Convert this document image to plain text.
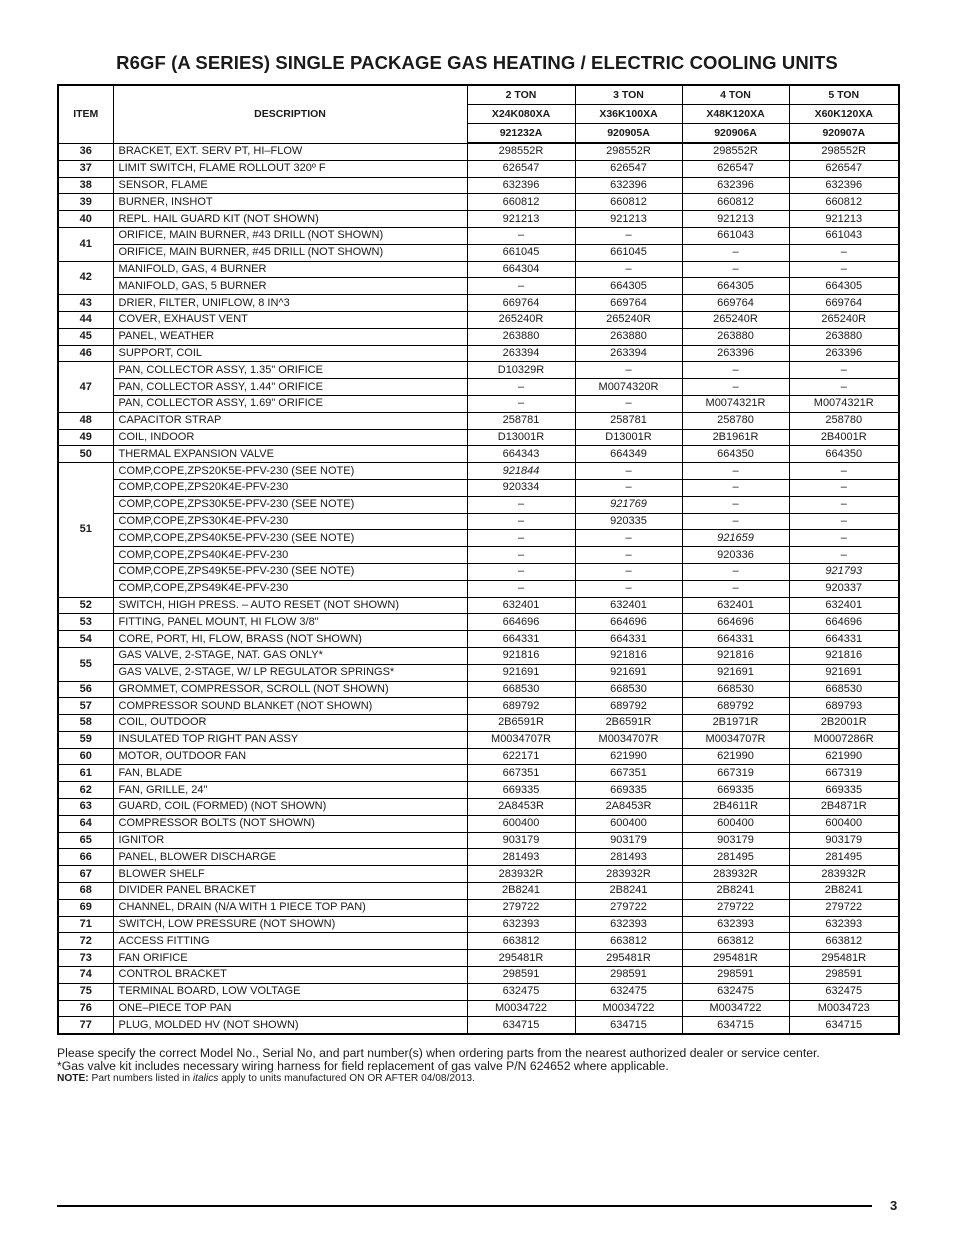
R6GF (A SERIES) SINGLE PACKAGE GAS HEATING / ELECTRIC COOLING UNITS
ITEM	DESCRIPTION	2 TON	3 TON	4 TON	5 TON
		X24K080XA	X36K100XA	X48K120XA	X60K120XA
		921232A	920905A	920906A	920907A
36	BRACKET, EXT. SERV PT, HI–FLOW	298552R	298552R	298552R	298552R
37	LIMIT SWITCH, FLAME ROLLOUT 320º F	626547	626547	626547	626547
38	SENSOR, FLAME	632396	632396	632396	632396
39	BURNER, INSHOT	660812	660812	660812	660812
40	REPL. HAIL GUARD KIT (NOT SHOWN)	921213	921213	921213	921213
41	ORIFICE, MAIN BURNER, #43 DRILL (NOT SHOWN)	–	–	661043	661043
	ORIFICE, MAIN BURNER, #45 DRILL (NOT SHOWN)	661045	661045	–	–
42	MANIFOLD, GAS, 4 BURNER	664304	–	–	–
	MANIFOLD, GAS, 5 BURNER	–	664305	664305	664305
43	DRIER, FILTER, UNIFLOW, 8 IN^3	669764	669764	669764	669764
44	COVER, EXHAUST VENT	265240R	265240R	265240R	265240R
45	PANEL, WEATHER	263880	263880	263880	263880
46	SUPPORT, COIL	263394	263394	263396	263396
47	PAN, COLLECTOR ASSY, 1.35" ORIFICE	D10329R	–	–	–
	PAN, COLLECTOR ASSY, 1.44" ORIFICE	–	M0074320R	–	–
	PAN, COLLECTOR ASSY, 1.69" ORIFICE	–	–	M0074321R	M0074321R
48	CAPACITOR STRAP	258781	258781	258780	258780
49	COIL, INDOOR	D13001R	D13001R	2B1961R	2B4001R
50	THERMAL EXPANSION VALVE	664343	664349	664350	664350
51	COMP,COPE,ZPS20K5E-PFV-230 (SEE NOTE)	921844	–	–	–
	COMP,COPE,ZPS20K4E-PFV-230	920334	–	–	–
	COMP,COPE,ZPS30K5E-PFV-230 (SEE NOTE)	–	921769	–	–
	COMP,COPE,ZPS30K4E-PFV-230	–	920335	–	–
	COMP,COPE,ZPS40K5E-PFV-230 (SEE NOTE)	–	–	921659	–
	COMP,COPE,ZPS40K4E-PFV-230	–	–	920336	–
	COMP,COPE,ZPS49K5E-PFV-230 (SEE NOTE)	–	–	–	921793
	COMP,COPE,ZPS49K4E-PFV-230	–	–	–	920337
52	SWITCH, HIGH PRESS. – AUTO RESET (NOT SHOWN)	632401	632401	632401	632401
53	FITTING, PANEL MOUNT, HI FLOW 3/8"	664696	664696	664696	664696
54	CORE, PORT, HI, FLOW, BRASS (NOT SHOWN)	664331	664331	664331	664331
55	GAS VALVE, 2-STAGE, NAT. GAS ONLY*	921816	921816	921816	921816
	GAS VALVE, 2-STAGE, W/ LP REGULATOR SPRINGS*	921691	921691	921691	921691
56	GROMMET, COMPRESSOR, SCROLL (NOT SHOWN)	668530	668530	668530	668530
57	COMPRESSOR SOUND BLANKET (NOT SHOWN)	689792	689792	689792	689793
58	COIL, OUTDOOR	2B6591R	2B6591R	2B1971R	2B2001R
59	INSULATED TOP RIGHT PAN ASSY	M0034707R	M0034707R	M0034707R	M0007286R
60	MOTOR, OUTDOOR FAN	622171	621990	621990	621990
61	FAN, BLADE	667351	667351	667319	667319
62	FAN, GRILLE, 24"	669335	669335	669335	669335
63	GUARD, COIL (FORMED) (NOT SHOWN)	2A8453R	2A8453R	2B4611R	2B4871R
64	COMPRESSOR BOLTS (NOT SHOWN)	600400	600400	600400	600400
65	IGNITOR	903179	903179	903179	903179
66	PANEL, BLOWER DISCHARGE	281493	281493	281495	281495
67	BLOWER SHELF	283932R	283932R	283932R	283932R
68	DIVIDER PANEL BRACKET	2B8241	2B8241	2B8241	2B8241
69	CHANNEL, DRAIN (N/A WITH 1 PIECE TOP PAN)	279722	279722	279722	279722
71	SWITCH, LOW PRESSURE (NOT SHOWN)	632393	632393	632393	632393
72	ACCESS FITTING	663812	663812	663812	663812
73	FAN ORIFICE	295481R	295481R	295481R	295481R
74	CONTROL BRACKET	298591	298591	298591	298591
75	TERMINAL BOARD, LOW VOLTAGE	632475	632475	632475	632475
76	ONE–PIECE TOP PAN	M0034722	M0034722	M0034722	M0034723
77	PLUG, MOLDED HV (NOT SHOWN)	634715	634715	634715	634715
Please specify the correct Model No., Serial No, and part number(s) when ordering parts from the nearest authorized dealer or service center.
*Gas valve kit includes necessary wiring harness for field replacement of gas valve P/N 624652 where applicable.
NOTE: Part numbers listed in italics apply to units manufactured ON OR AFTER 04/08/2013.
3
